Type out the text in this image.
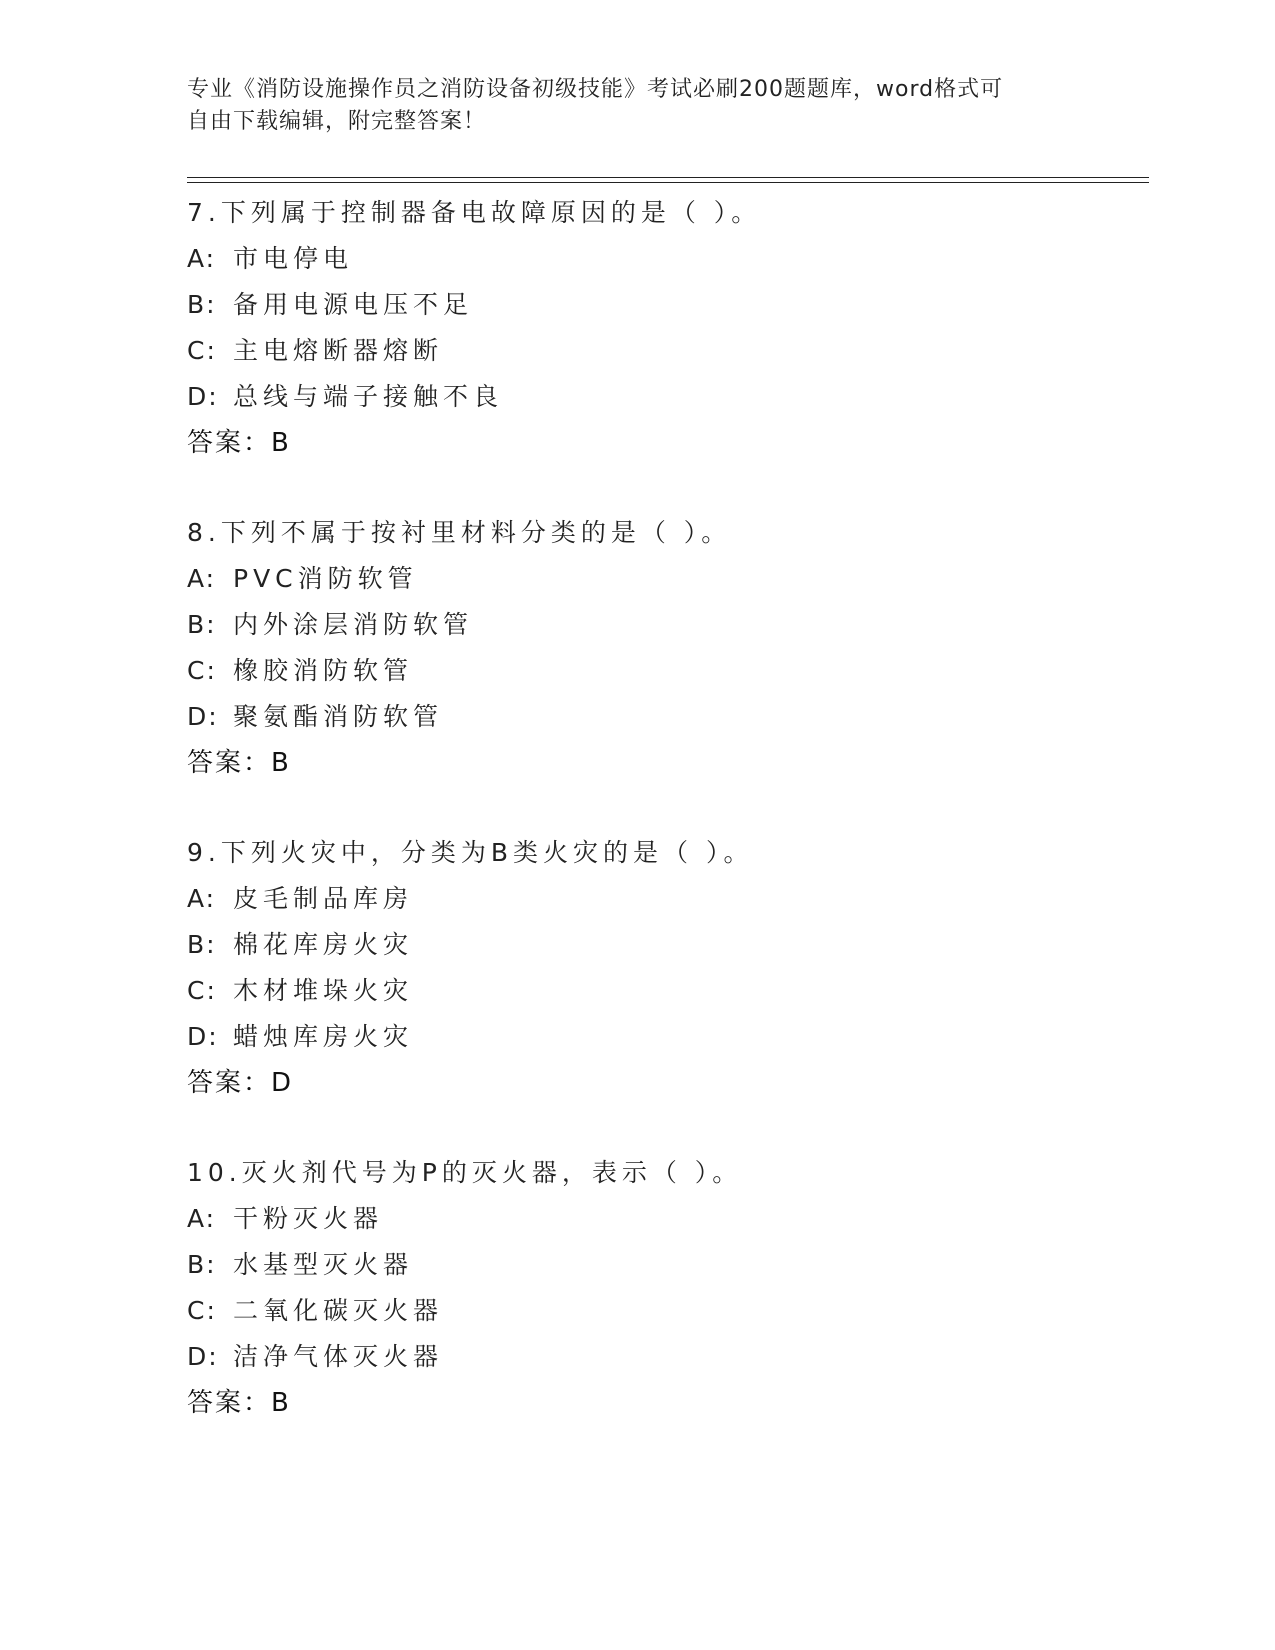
专业《消防设施操作员之消防设备初级技能》考试必刷200题题库，word格式可
自由下载编辑，附完整答案！
7.下列属于控制器备电故障原因的是（ ）。
A: 市电停电
B: 备用电源电压不足
C: 主电熔断器熔断
D: 总线与端子接触不良
答案：B
8.下列不属于按衬里材料分类的是（ ）。
A: PVC消防软管
B: 内外涂层消防软管
C: 橡胶消防软管
D: 聚氨酯消防软管
答案：B
9.下列火灾中，分类为B类火灾的是（ ）。
A: 皮毛制品库房
B: 棉花库房火灾
C: 木材堆垛火灾
D: 蜡烛库房火灾
答案：D
10.灭火剂代号为P的灭火器，表示（ ）。
A: 干粉灭火器
B: 水基型灭火器
C: 二氧化碳灭火器
D: 洁净气体灭火器
答案：B
